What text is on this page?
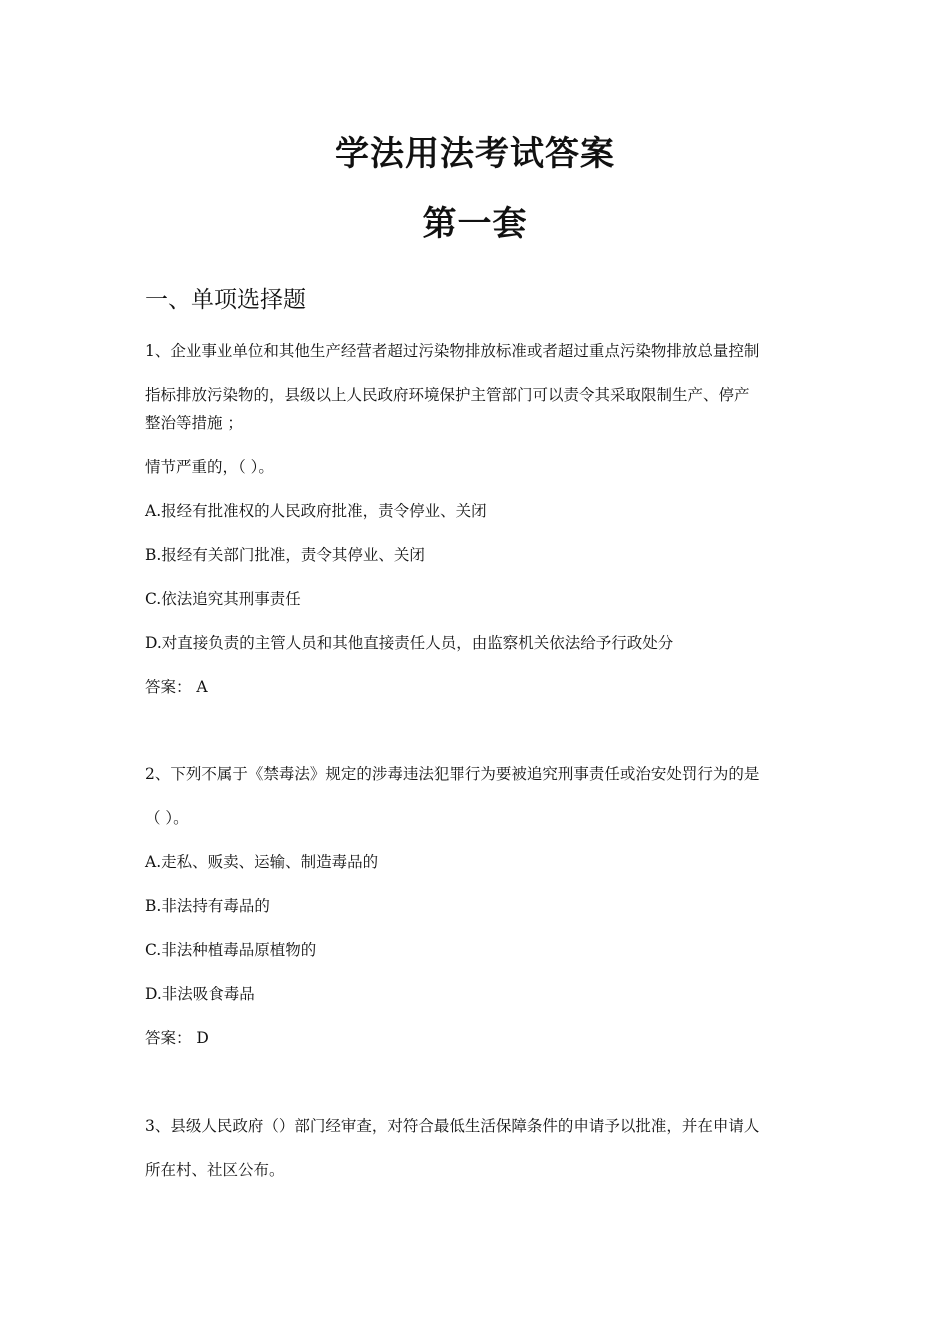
学法用法考试答案
第一套
一、单项选择题

1、企业事业单位和其他生产经营者超过污染物排放标准或者超过重点污染物排放总量控制

指标排放污染物的，县级以上人民政府环境保护主管部门可以责令其采取限制生产、停产

整治等措施 ；

情节严重的，（ ）。

A.报经有批准权的人民政府批准，责令停业、关闭

B.报经有关部门批准，责令其停业、关闭

C.依法追究其刑事责任

D.对直接负责的主管人员和其他直接责任人员，由监察机关依法给予行政处分

答案： A

2、下列不属于《禁毒法》规定的涉毒违法犯罪行为要被追究刑事责任或治安处罚行为的是

（ ）。

A.走私、贩卖、运输、制造毒品的

B.非法持有毒品的

C.非法种植毒品原植物的

D.非法吸食毒品

答案： D

3、县级人民政府（）部门经审查，对符合最低生活保障条件的申请予以批准，并在申请人

所在村、社区公布。
